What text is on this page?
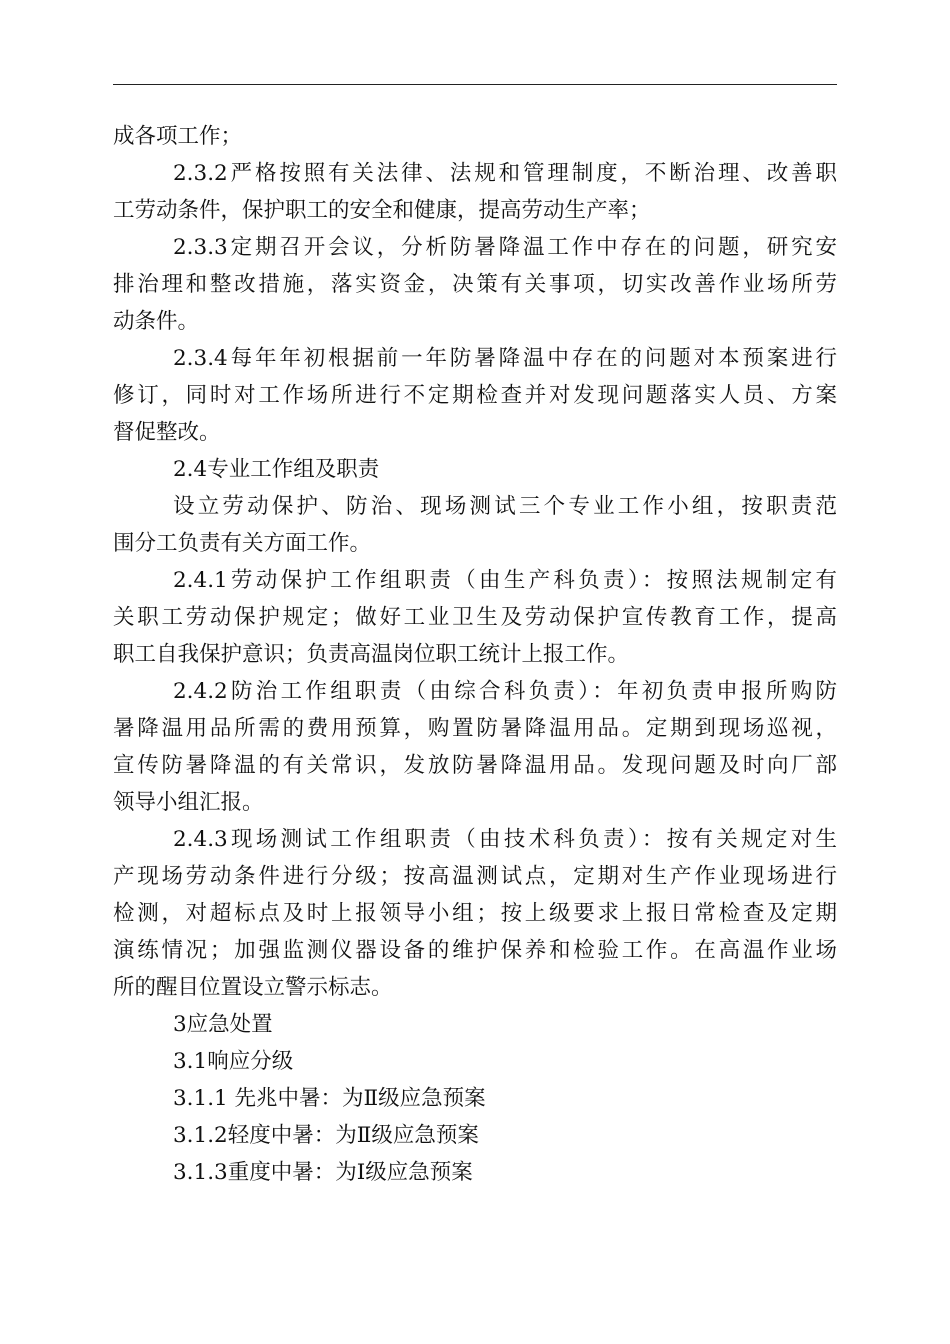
成各项工作；
2.3.2严格按照有关法律、法规和管理制度，不断治理、改善职
工劳动条件，保护职工的安全和健康，提高劳动生产率；
2.3.3定期召开会议，分析防暑降温工作中存在的问题，研究安
排治理和整改措施，落实资金，决策有关事项，切实改善作业场所劳
动条件。
2.3.4每年年初根据前一年防暑降温中存在的问题对本预案进行
修订，同时对工作场所进行不定期检查并对发现问题落实人员、方案
督促整改。
2.4专业工作组及职责
设立劳动保护、防治、现场测试三个专业工作小组，按职责范
围分工负责有关方面工作。
2.4.1劳动保护工作组职责（由生产科负责）：按照法规制定有
关职工劳动保护规定；做好工业卫生及劳动保护宣传教育工作，提高
职工自我保护意识；负责高温岗位职工统计上报工作。
2.4.2防治工作组职责（由综合科负责）：年初负责申报所购防
暑降温用品所需的费用预算，购置防暑降温用品。定期到现场巡视，
宣传防暑降温的有关常识，发放防暑降温用品。发现问题及时向厂部
领导小组汇报。
2.4.3现场测试工作组职责（由技术科负责）：按有关规定对生
产现场劳动条件进行分级；按高温测试点，定期对生产作业现场进行
检测，对超标点及时上报领导小组；按上级要求上报日常检查及定期
演练情况；加强监测仪器设备的维护保养和检验工作。在高温作业场
所的醒目位置设立警示标志。
3应急处置
3.1响应分级
3.1.1 先兆中暑：为Ⅱ级应急预案
3.1.2轻度中暑：为Ⅱ级应急预案
3.1.3重度中暑：为Ⅰ级应急预案
